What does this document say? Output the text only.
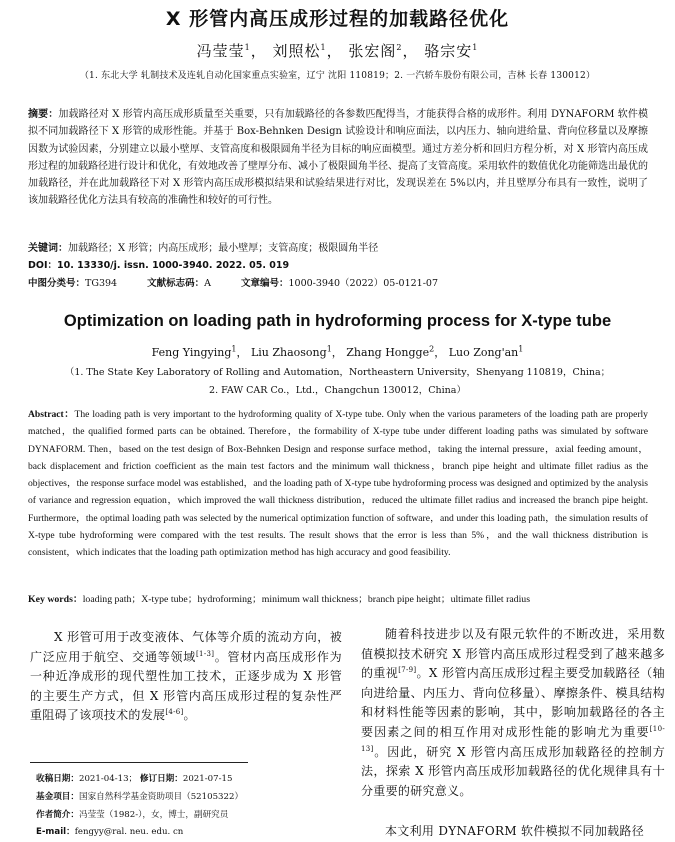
X 形管内高压成形过程的加载路径优化
冯莹莹$^1$， 刘照松$^1$， 张宏阁$^2$， 骆宗安$^1$
（1. 东北大学 轧制技术及连轧自动化国家重点实验室，辽宁 沈阳 110819；2. 一汽轿车股份有限公司，吉林 长春 130012）
摘要：加载路径对 X 形管内高压成形质量至关重要，只有加载路径的各参数匹配得当，才能获得合格的成形件。利用 DYNAFORM 软件模拟不同加载路径下 X 形管的成形性能。并基于 Box-Behnken Design 试验设计和响应面法，以内压力、轴向进给量、背向位移量以及摩擦因数为试验因素，分别建立以最小壁厚、支管高度和极限圆角半径为目标的响应面模型。通过方差分析和回归方程分析，对 X 形管内高压成形过程的加载路径进行设计和优化，有效地改善了壁厚分布、减小了极限圆角半径、提高了支管高度。采用软件的数值优化功能筛选出最优的加载路径，并在此加载路径下对 X 形管内高压成形模拟结果和试验结果进行对比，发现误差在 5%以内，并且壁厚分布具有一致性，说明了该加载路径优化方法具有较高的准确性和较好的可行性。
关键词：加载路径；X 形管；内高压成形；最小壁厚；支管高度；极限圆角半径
DOI：10. 13330/j. issn. 1000-3940. 2022. 05. 019
中图分类号：TG394	文献标志码：A	文章编号：1000-3940（2022）05-0121-07
Optimization on loading path in hydroforming process for X-type tube
Feng Yingying$^1$， Liu Zhaosong$^1$， Zhang Hongge$^2$， Luo $Zong'an^1$
（1. The State Key Laboratory of Rolling and Automation，Northeastern University，Shenyang 110819，China；
2. FAW CAR Co.，Ltd.，Changchun 130012，China）
Abstract：The loading path is very important to the hydroforming quality of X-type tube. Only when the various parameters of the loading path are properly matched，the qualified formed parts can be obtained. Therefore，the formability of X-type tube under different loading paths was simulated by software DYNAFORM. Then，based on the test design of Box-Behnken Design and response surface method，taking the internal pressure，axial feeding amount，back displacement and friction coefficient as the main test factors and the minimum wall thickness，branch pipe height and ultimate fillet radius as the objectives，the response surface model was established，and the loading path of X-type tube hydroforming process was designed and optimized by the analysis of variance and regression equation，which improved the wall thickness distribution，reduced the ultimate fillet radius and increased the branch pipe height. Furthermore，the optimal loading path was selected by the numerical optimization function of software，and under this loading path，the simulation results of X-type tube hydroforming were compared with the test results. The result shows that the error is less than 5%，and the wall thickness distribution is consistent，which indicates that the loading path optimization method has high accuracy and good feasibility.
Key words：loading path；X-type tube；hydroforming；minimum wall thickness；branch pipe height；ultimate fillet radius
X 形管可用于改变液体、气体等介质的流动方向，被广泛应用于航空、交通等领域[1-3]。管材内高压成形作为一种近净成形的现代塑性加工技术，正逐步成为 X 形管的主要生产方式，但 X 形管内高压成形过程的复杂性严重阻碍了该项技术的发展[4-6]。
随着科技进步以及有限元软件的不断改进，采用数值模拟技术研究 X 形管内高压成形过程受到了越来越多的重视[7-9]。X 形管内高压成形过程主要受加载路径（轴向进给量、内压力、背向位移量）、摩擦条件、模具结构和材料性能等因素的影响，其中，影响加载路径的各主要因素之间的相互作用对成形性能的影响尤为重要[10-13]。因此，研究 X 形管内高压成形加载路径的控制方法，探索 X 形管内高压成形加载路径的优化规律具有十分重要的研究意义。
本文利用 DYNAFORM 软件模拟不同加载路径
收稿日期：2021-04-13； 修订日期：2021-07-15
基金项目：国家自然科学基金资助项目（52105322）
作者简介：冯莹莹（1982-），女，博士，副研究员
E-mail：fengyy@ral. neu. edu. cn
